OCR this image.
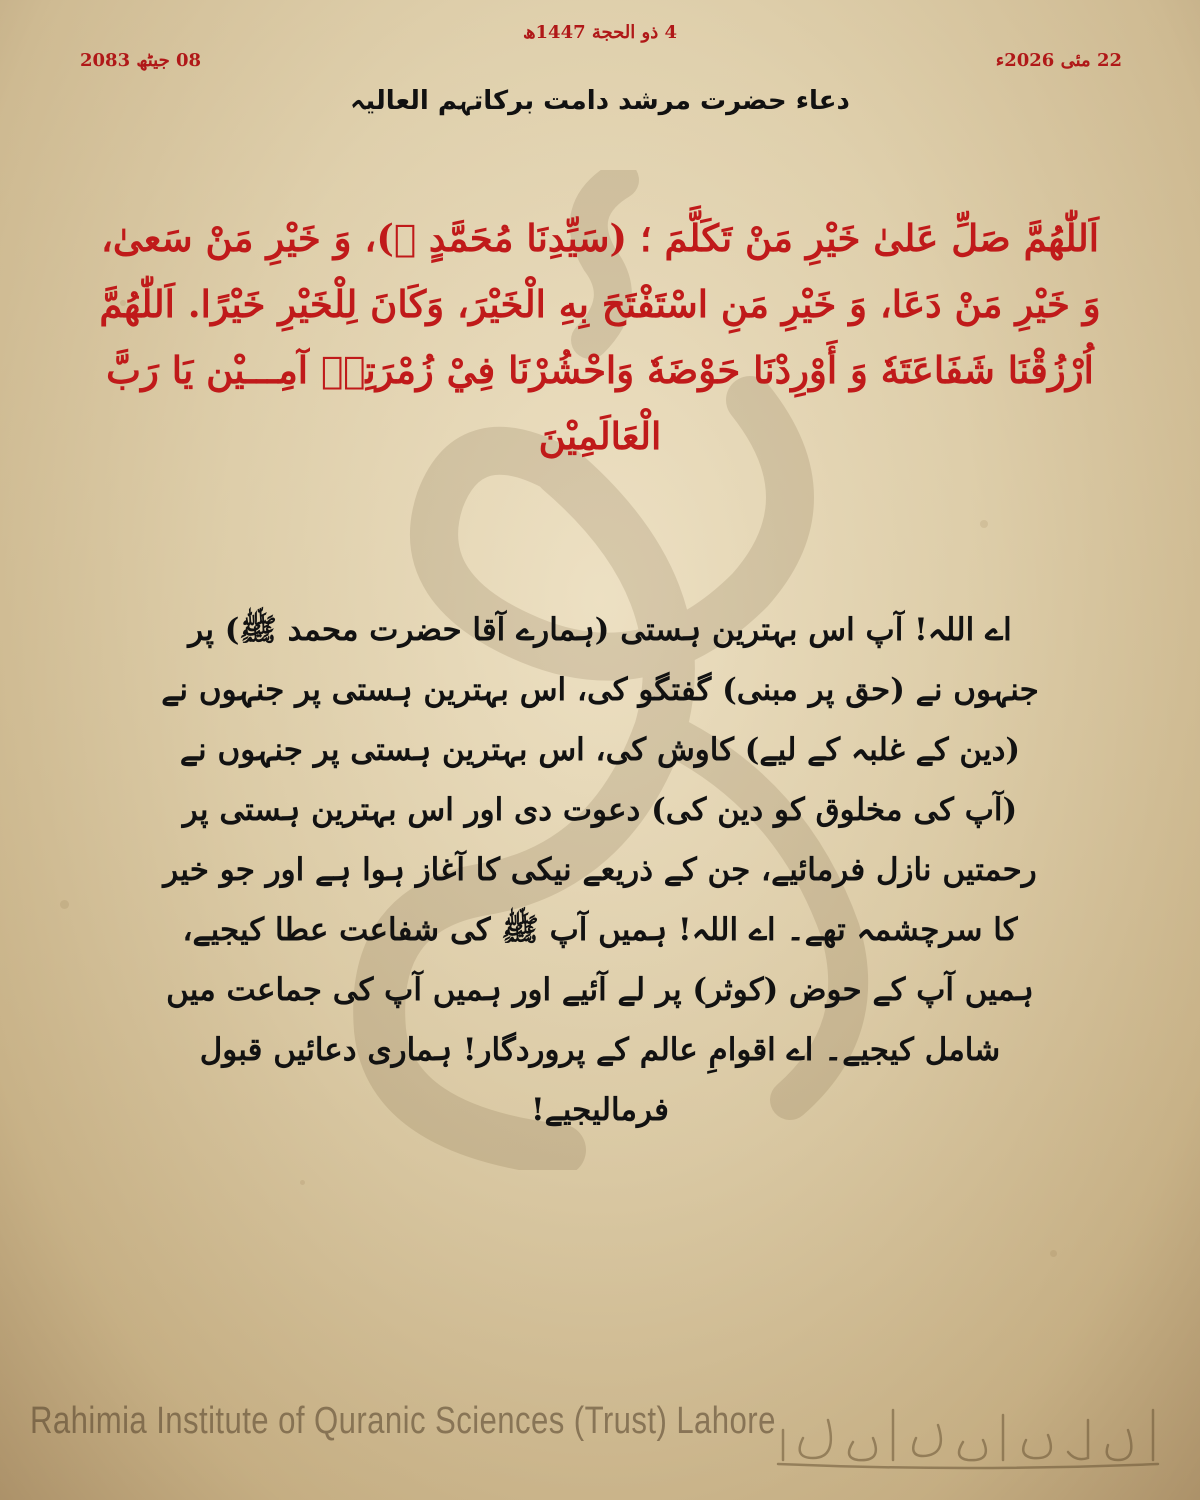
4 ذو الحجة 1447ھ
22 مئی 2026ء
08 جیٹھ 2083
دعاء حضرت مرشد دامت برکاتہم العالیہ
اَللّٰهُمَّ صَلِّ عَلىٰ خَيْرِ مَنْ تَكَلَّمَ ؛ (سَيِّدِنَا مُحَمَّدٍ ﷺ)، وَ خَيْرِ مَنْ سَعىٰ، وَ خَيْرِ مَنْ دَعَا، وَ خَيْرِ مَنِ اسْتَفْتَحَ بِهِ الْخَيْرَ، وَكَانَ لِلْخَيْرِ خَيْرًا. اَللّٰهُمَّ اُرْزُقْنَا شَفَاعَتَهٗ وَ أَوْرِدْنَا حَوْضَهٗ وَاحْشُرْنَا فِيْ زُمْرَتِهٖ آمِـــيْن يَا رَبَّ الْعَالَمِيْنَ
اے اللہ! آپ اس بہترین ہستی (ہمارے آقا حضرت محمد ﷺ) پر جنہوں نے (حق پر مبنی) گفتگو کی، اس بہترین ہستی پر جنہوں نے (دین کے غلبہ کے لیے) کاوش کی، اس بہترین ہستی پر جنہوں نے (آپ کی مخلوق کو دین کی) دعوت دی اور اس بہترین ہستی پر رحمتیں نازل فرمائیے، جن کے ذریعے نیکی کا آغاز ہوا ہے اور جو خیر کا سرچشمہ تھے۔ اے اللہ! ہمیں آپ ﷺ کی شفاعت عطا کیجیے، ہمیں آپ کے حوض (کوثر) پر لے آئیے اور ہمیں آپ کی جماعت میں شامل کیجیے۔ اے اقوامِ عالم کے پروردگار! ہماری دعائیں قبول فرمالیجیے!
Rahimia Institute of Quranic Sciences (Trust) Lahore
